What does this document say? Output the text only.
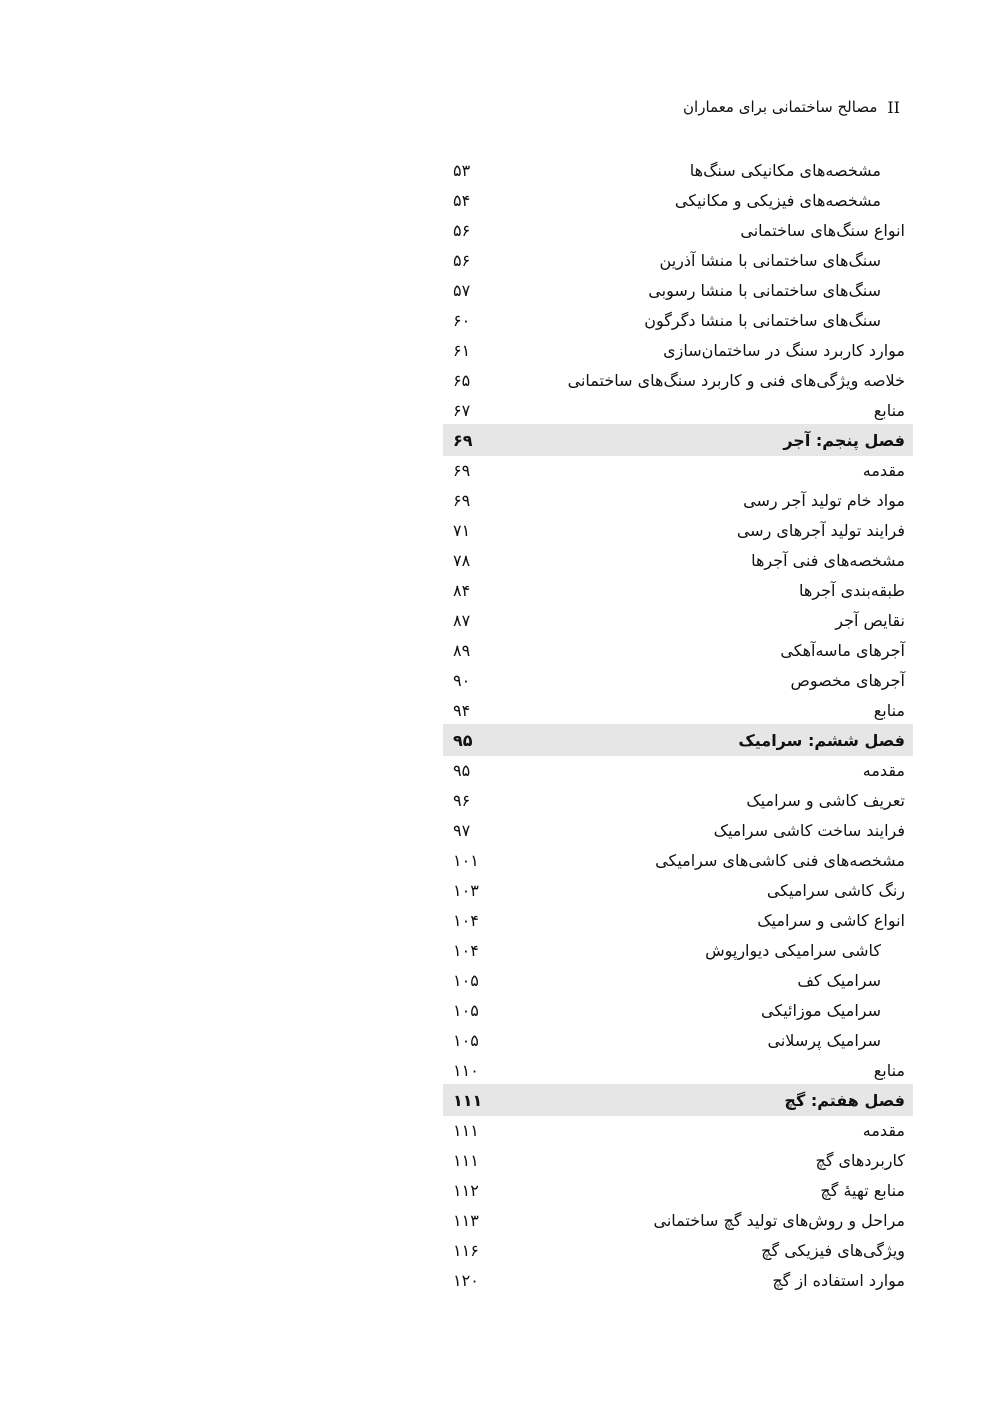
II
مصالح ساختمانی برای معماران
مشخصه‌های مکانیکی سنگ‌ها
۵۳
مشخصه‌های فیزیکی و مکانیکی
۵۴
انواع سنگ‌های ساختمانی
۵۶
سنگ‌های ساختمانی با منشا آذرین
۵۶
سنگ‌های ساختمانی با منشا رسوبی
۵۷
سنگ‌های ساختمانی با منشا دگرگون
۶۰
موارد کاربرد سنگ در ساختمان‌سازی
۶۱
خلاصه ویژگی‌های فنی و کاربرد سنگ‌های ساختمانی
۶۵
منابع
۶۷
فصل پنجم: آجر
۶۹
مقدمه
۶۹
مواد خام تولید آجر رسی
۶۹
فرایند تولید آجرهای رسی
۷۱
مشخصه‌های فنی آجرها
۷۸
طبقه‌بندی آجرها
۸۴
نقایص آجر
۸۷
آجرهای ماسه‌آهکی
۸۹
آجرهای مخصوص
۹۰
منابع
۹۴
فصل ششم: سرامیک
۹۵
مقدمه
۹۵
تعریف کاشی و سرامیک
۹۶
فرایند ساخت کاشی سرامیک
۹۷
مشخصه‌های فنی کاشی‌های سرامیکی
۱۰۱
رنگ کاشی سرامیکی
۱۰۳
انواع کاشی و سرامیک
۱۰۴
کاشی سرامیکی دیوارپوش
۱۰۴
سرامیک کف
۱۰۵
سرامیک موزائیکی
۱۰۵
سرامیک پرسلانی
۱۰۵
منابع
۱۱۰
فصل هفتم: گچ
۱۱۱
مقدمه
۱۱۱
کاربردهای گچ
۱۱۱
منابع تهیهٔ گچ
۱۱۲
مراحل و روش‌های تولید گچ ساختمانی
۱۱۳
ویژگی‌های فیزیکی گچ
۱۱۶
موارد استفاده از گچ
۱۲۰
